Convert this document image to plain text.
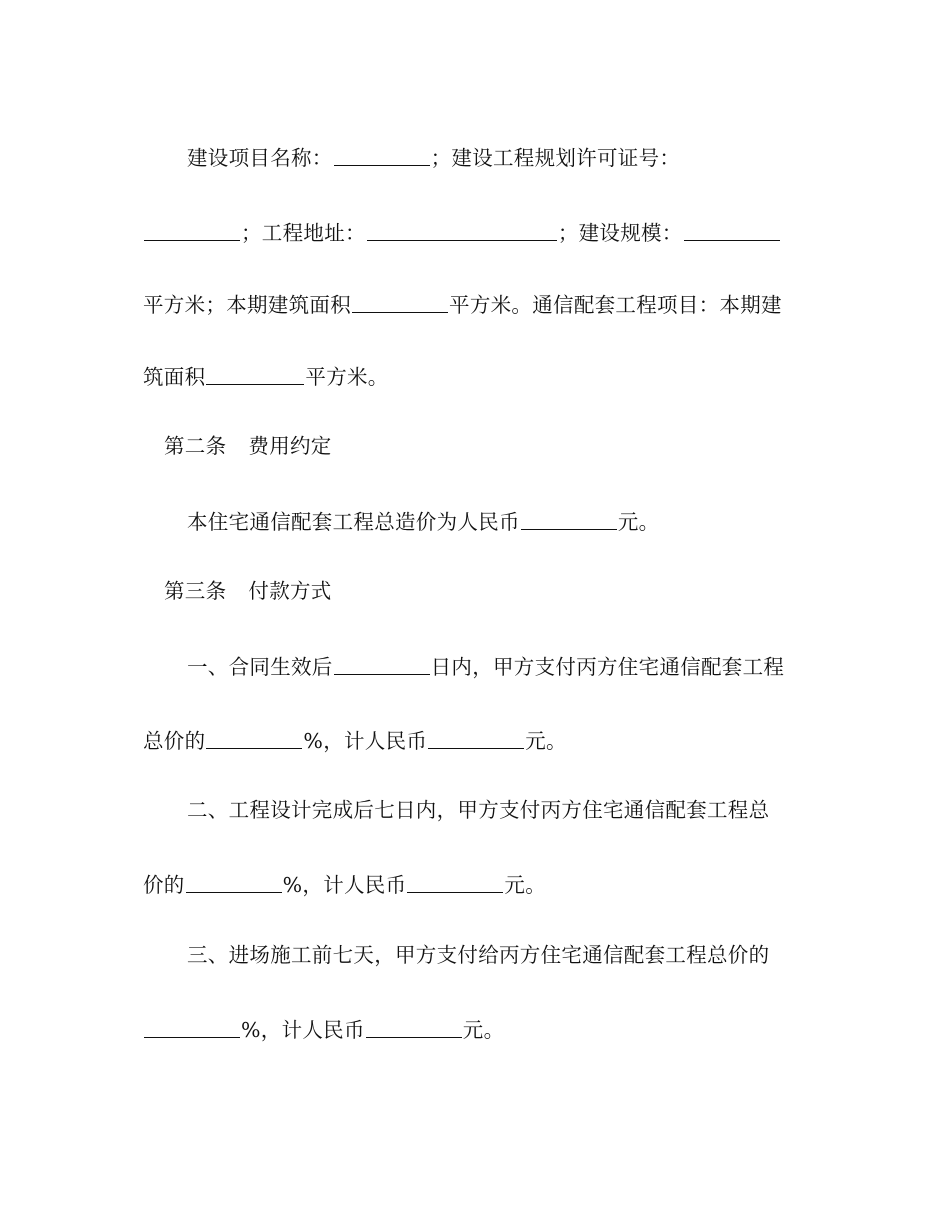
建设项目名称：	；建设工程规划许可证号：
；工程地址：	；建设规模：
平方米；本期建筑面积	平方米。通信配套工程项目：本期建
筑面积	平方米。
第二条 费用约定
本住宅通信配套工程总造价为人民币	元。
第三条 付款方式
一、合同生效后	日内，甲方支付丙方住宅通信配套工程
总价的	%，计人民币	元。
二、工程设计完成后七日内，甲方支付丙方住宅通信配套工程总
价的	%，计人民币	元。
三、进场施工前七天，甲方支付给丙方住宅通信配套工程总价的
%，计人民币	元。
